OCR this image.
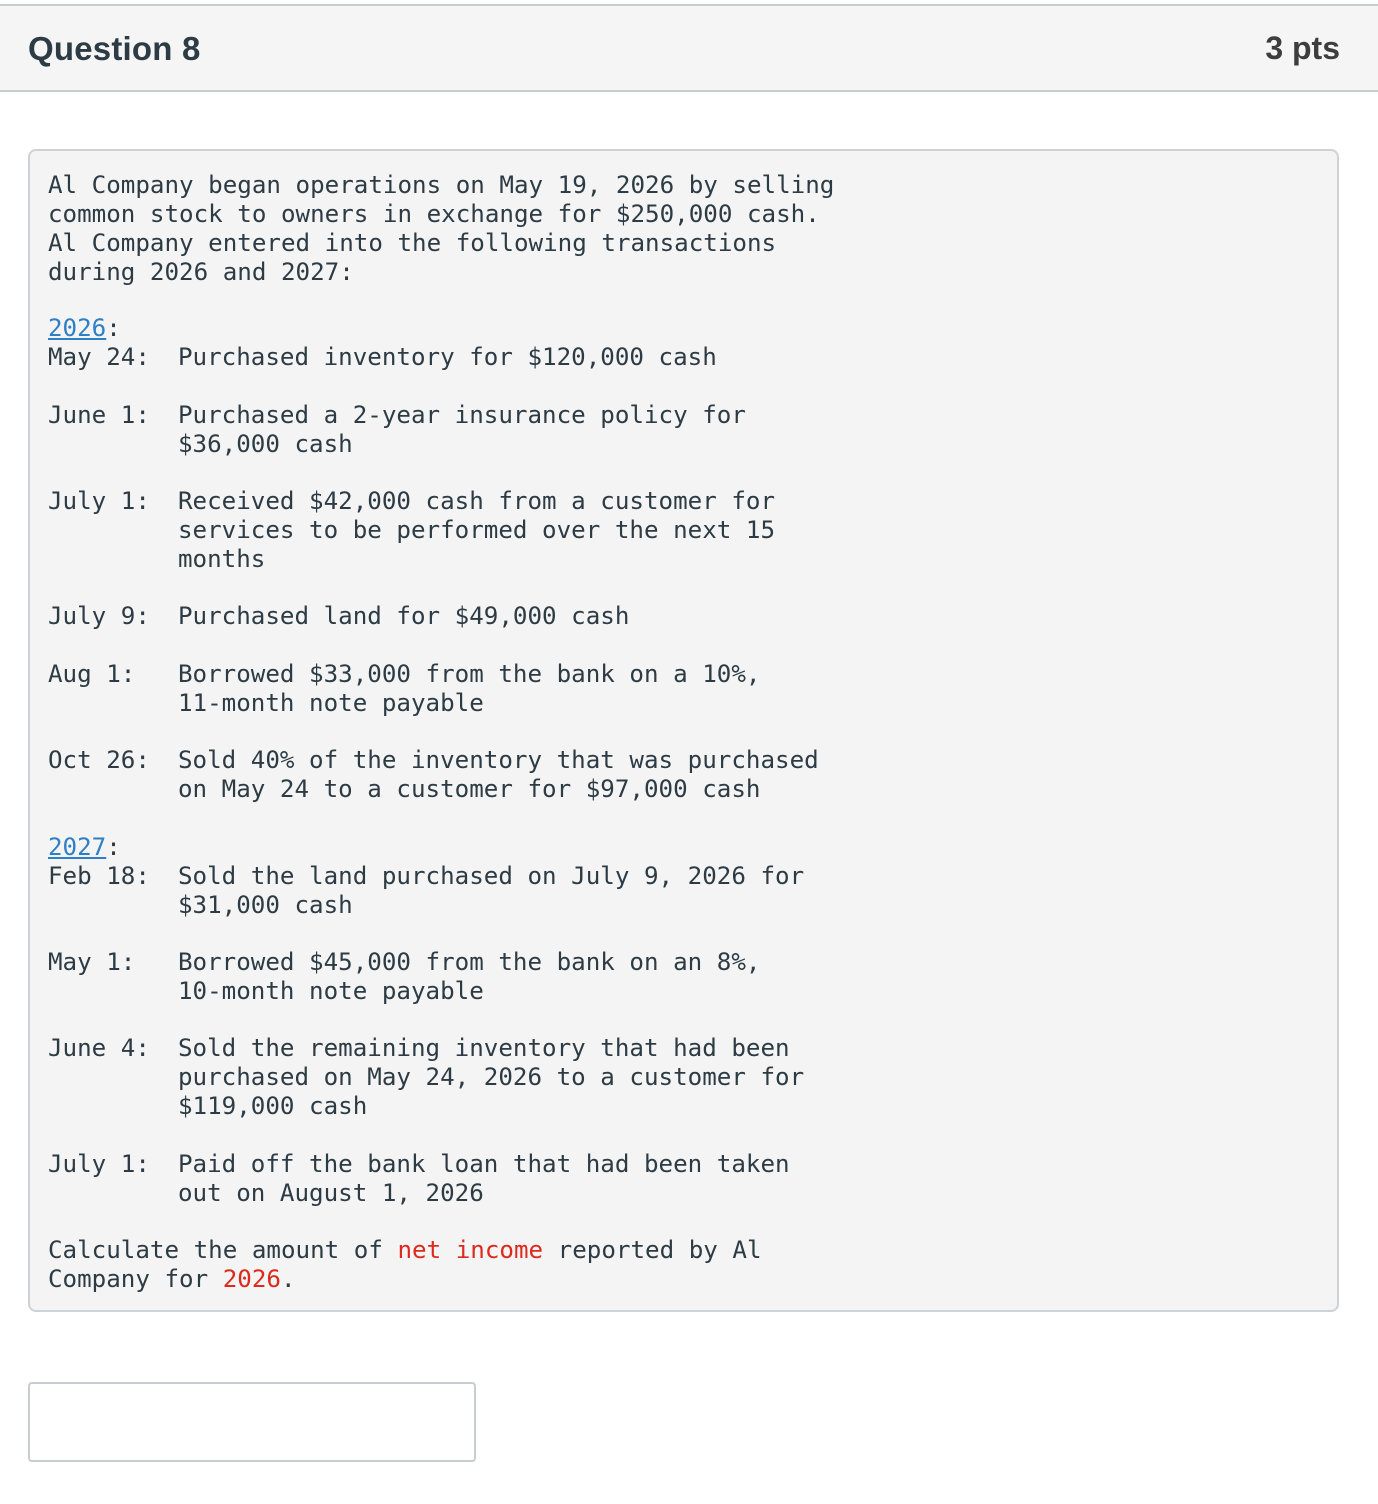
Question 8	3 pts
Al Company began operations on May 19, 2026 by selling
common stock to owners in exchange for $250,000 cash.
Al Company entered into the following transactions
during 2026 and 2027:
2026:
May 24: Purchased inventory for $120,000 cash
June 1: Purchased a 2-year insurance policy for
$36,000 cash
July 1: Received $42,000 cash from a customer for
services to be performed over the next 15
months
July 9: Purchased land for $49,000 cash
Aug 1: Borrowed $33,000 from the bank on a 10%,
11-month note payable
Oct 26: Sold 40% of the inventory that was purchased
on May 24 to a customer for $97,000 cash
2027:
Feb 18: Sold the land purchased on July 9, 2026 for
$31,000 cash
May 1: Borrowed $45,000 from the bank on an 8%,
10-month note payable
June 4: Sold the remaining inventory that had been
purchased on May 24, 2026 to a customer for
$119,000 cash
July 1: Paid off the bank loan that had been taken
out on August 1, 2026
Calculate the amount of net income reported by Al
Company for 2026.
